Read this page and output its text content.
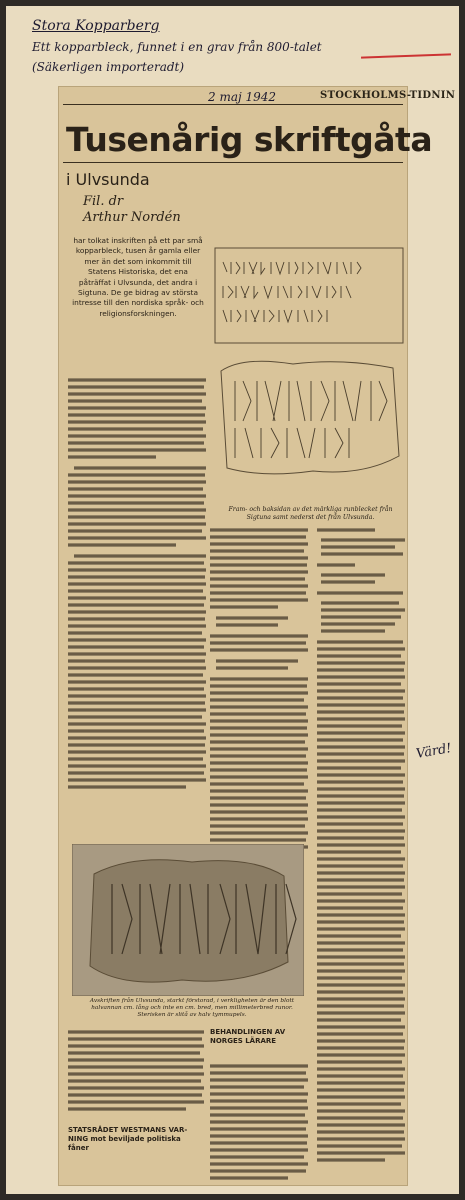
Stora Kopparberg
Ett kopparbleck, funnet i en grav från 800-talet
(Säkerligen importeradt)
Värd!
2 maj 1942	STOCKHOLMS-TIDNIN
Tusenårig skriftgåta
i Ulvsunda
Fil. dr
Arthur Nordén
har tolkat inskriften på ett par små kopparbleck, tusen år gamla eller mer än det som inkommit till Statens Historiska, det ena påträffat i Ulvsunda, det andra i Sigtuna. De ge bidrag av största intresse till den nordiska språk- och religionsforskningen.
Fram- och baksidan av det märkliga runblecket från Sigtuna samt nederst det från Ulvsunda.
Avskriften från Ulvsunda, starkt förstorad, i verkligheten är den blott halvannan cm. lång och inte en cm. bred, men millimeterbred runor. Sterisken är slitå av halv tymmupels.
STATSRÅDET WESTMANS VAR-NING mot beviljade politiska fåner
BEHANDLINGEN AV NORGES LÄRARE
